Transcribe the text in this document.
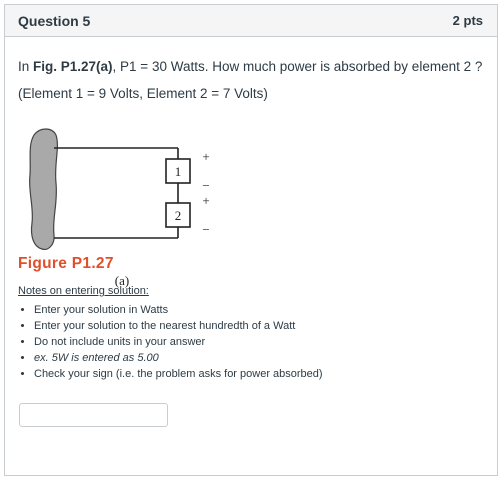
Question 5	2 pts
In Fig. P1.27(a), P1 = 30 Watts. How much power is absorbed by element 2 ?
(Element 1 = 9 Volts, Element 2 = 7 Volts)
1
2
+
−
+
−
(a)
Figure P1.27
Notes on entering solution:
• Enter your solution in Watts
• Enter your solution to the nearest hundredth of a Watt
• Do not include units in your answer
• ex. 5W is entered as 5.00
• Check your sign (i.e. the problem asks for power absorbed)
